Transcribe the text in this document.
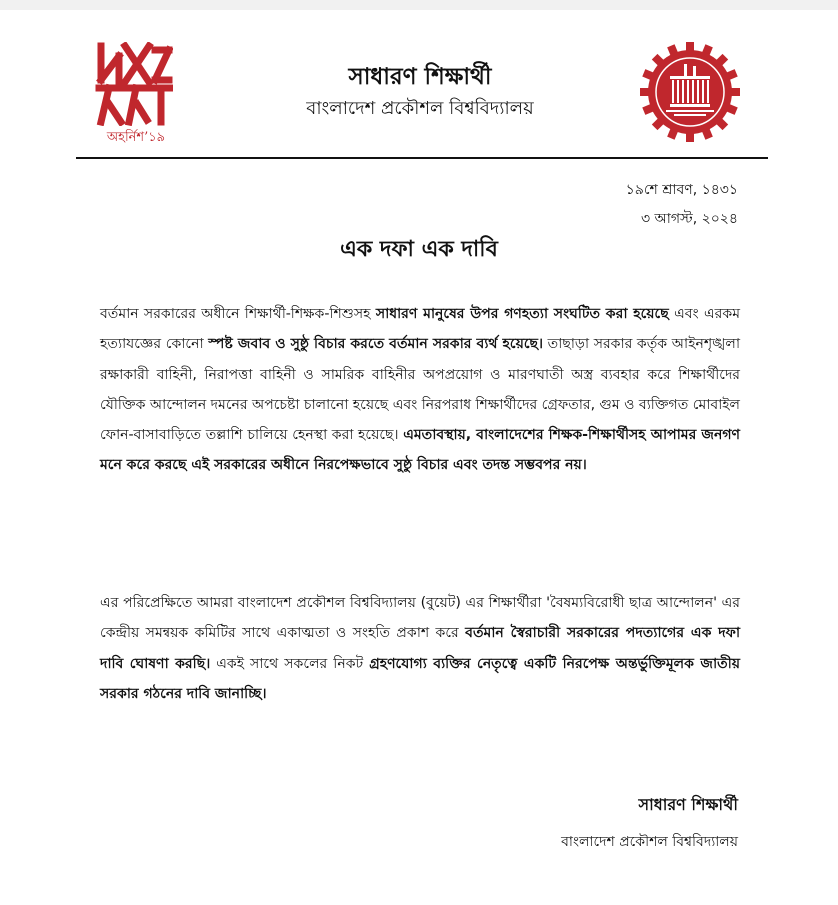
অহর্নিশ’১৯
সাধারণ শিক্ষার্থী
বাংলাদেশ প্রকৌশল বিশ্ববিদ্যালয়
১৯শে শ্রাবণ, ১৪৩১
৩ আগস্ট, ২০২৪
এক দফা এক দাবি
বর্তমান সরকারের অধীনে শিক্ষার্থী-শিক্ষক-শিশুসহ সাধারণ মানুষের উপর গণহত্যা সংঘটিত করা হয়েছে এবং এরকম হত্যাযজ্ঞের কোনো স্পষ্ট জবাব ও সুষ্ঠু বিচার করতে বর্তমান সরকার ব্যর্থ হয়েছে। তাছাড়া সরকার কর্তৃক আইনশৃঙ্খলা রক্ষাকারী বাহিনী, নিরাপত্তা বাহিনী ও সামরিক বাহিনীর অপপ্রয়োগ ও মারণঘাতী অস্ত্র ব্যবহার করে শিক্ষার্থীদের যৌক্তিক আন্দোলন দমনের অপচেষ্টা চালানো হয়েছে এবং নিরপরাধ শিক্ষার্থীদের গ্রেফতার, গুম ও ব্যক্তিগত মোবাইল ফোন-বাসাবাড়িতে তল্লাশি চালিয়ে হেনস্থা করা হয়েছে। এমতাবস্থায়, বাংলাদেশের শিক্ষক-শিক্ষার্থীসহ আপামর জনগণ মনে করে করছে এই সরকারের অধীনে নিরপেক্ষভাবে সুষ্ঠু বিচার এবং তদন্ত সম্ভবপর নয়।
এর পরিপ্রেক্ষিতে আমরা বাংলাদেশ প্রকৌশল বিশ্ববিদ্যালয় (বুয়েট) এর শিক্ষার্থীরা 'বৈষম্যবিরোধী ছাত্র আন্দোলন' এর কেন্দ্রীয় সমন্বয়ক কমিটির সাথে একাত্মতা ও সংহতি প্রকাশ করে বর্তমান স্বৈরাচারী সরকারের পদত্যাগের এক দফা দাবি ঘোষণা করছি। একই সাথে সকলের নিকট গ্রহণযোগ্য ব্যক্তির নেতৃত্বে একটি নিরপেক্ষ অন্তর্ভুক্তিমূলক জাতীয় সরকার গঠনের দাবি জানাচ্ছি।
সাধারণ শিক্ষার্থী
বাংলাদেশ প্রকৌশল বিশ্ববিদ্যালয়
